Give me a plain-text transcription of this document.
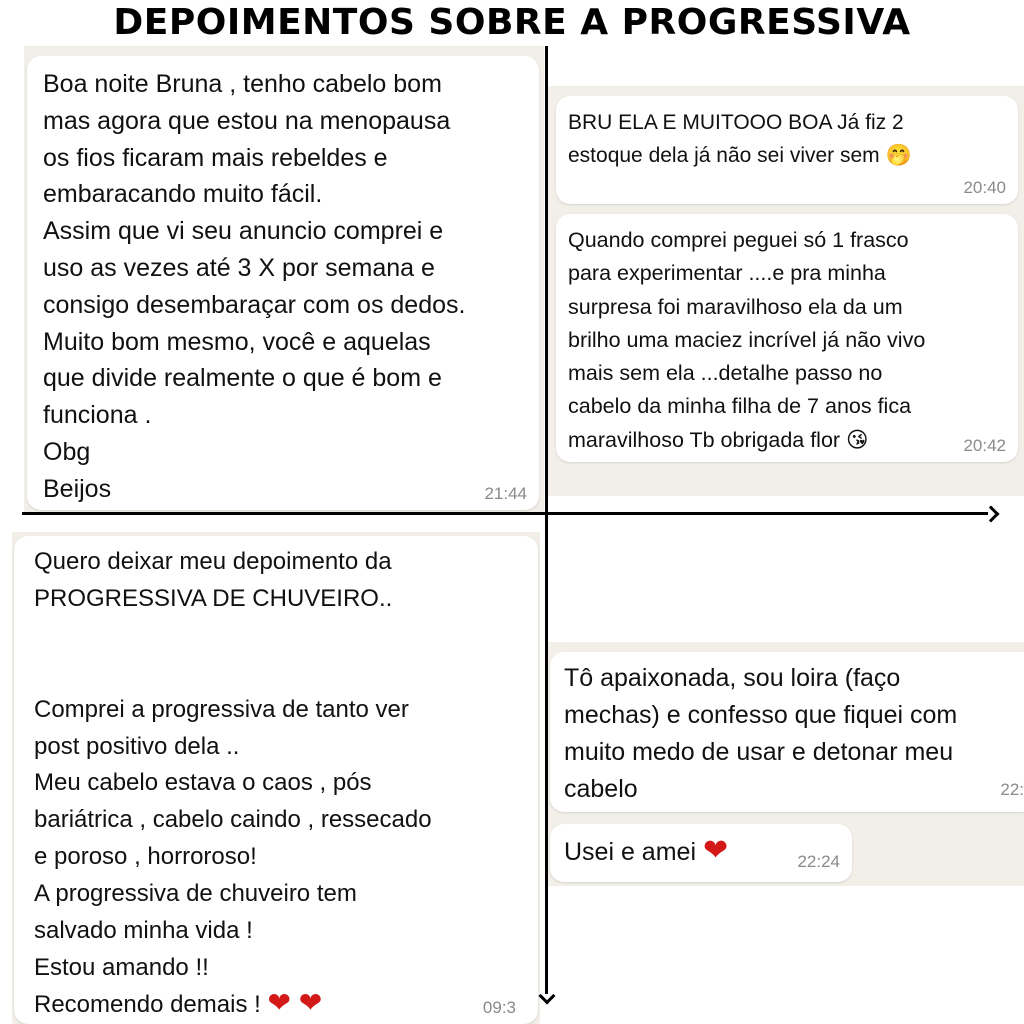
DEPOIMENTOS SOBRE A PROGRESSIVA

Boa noite Bruna , tenho cabelo bom
mas agora que estou na menopausa
os fios ficaram mais rebeldes e
embaracando muito fácil.
Assim que vi seu anuncio comprei e
uso as vezes até 3 X por semana e
consigo desembaraçar com os dedos.
Muito bom mesmo, você e aquelas
que divide realmente o que é bom e
funciona .
Obg
Beijos	21:44

BRU ELA E MUITOOO BOA Já fiz 2
estoque dela já não sei viver sem 🤭

20:40

Quando comprei peguei só 1 frasco
para experimentar ....e pra minha
surpresa foi maravilhoso ela da um
brilho uma maciez incrível já não vivo
mais sem ela ...detalhe passo no
cabelo da minha filha de 7 anos fica
maravilhoso Tb obrigada flor 😘	20:42

Quero deixar meu depoimento da
PROGRESSIVA DE CHUVEIRO..

Comprei a progressiva de tanto ver
post positivo dela ..
Meu cabelo estava o caos , pós
bariátrica , cabelo caindo , ressecado
e poroso , horroroso!
A progressiva de chuveiro tem
salvado minha vida !
Estou amando !!
Recomendo demais ! ❤ ❤	09:3

Tô apaixonada, sou loira (faço
mechas) e confesso que fiquei com
muito medo de usar e detonar meu
cabelo	22:

Usei e amei ❤	22:24
